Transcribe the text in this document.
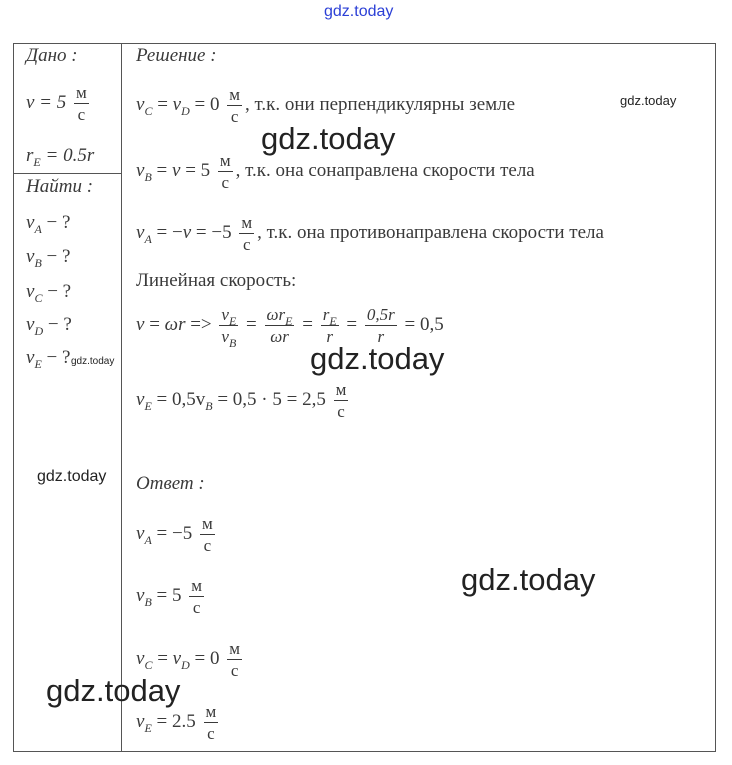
gdz.today
gdz.today
gdz.today
gdz.today
gdz.today
gdz.today
gdz.today
gdz.today
Дано :
v = 5 м
с
$r_E = 0.5r$
Найти :
$v_A$ − ?
$v_B$ − ?
$v_C$ − ?
$v_D$ − ?
$v_E$ − ?
Решение :
$v_C = v_D = 0$ м
с
, т.к. они перпендикулярны земле
$v_B = v = 5$ м
с
, т.к. она сонаправлена скорости тела
$v_A = -v = -5$ м
с
, т.к. она противонаправлена скорости тела
Линейная скорость:
$v = \omega r => \frac{v_E}{v_B} = \omega r_E$
ωr
= $\frac{r_E}{r} = \frac{0,5r}{r} = 0,5$
$v_E = 0,5v_B = 0,5 \cdot 5 = 2,5$ м
с
Ответ :
$v_A = -5$ м
с
$v_B = 5$ м
с
$v_C = v_D = 0$ м
с
$v_E = 2.5$ м
с
